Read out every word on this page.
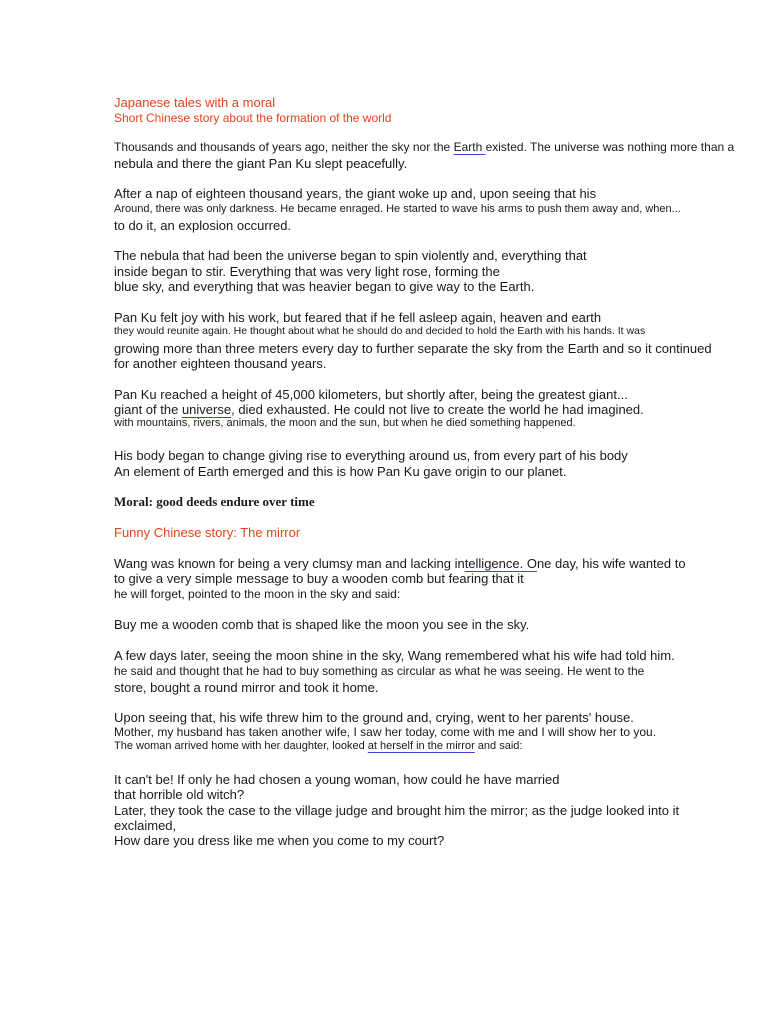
Japanese tales with a moral
Short Chinese story about the formation of the world
Thousands and thousands of years ago, neither the sky nor the Earth existed. The universe was nothing more than a
nebula and there the giant Pan Ku slept peacefully.
After a nap of eighteen thousand years, the giant woke up and, upon seeing that his
Around, there was only darkness. He became enraged. He started to wave his arms to push them away and, when...
to do it, an explosion occurred.
The nebula that had been the universe began to spin violently and, everything that
inside began to stir. Everything that was very light rose, forming the
blue sky, and everything that was heavier began to give way to the Earth.
Pan Ku felt joy with his work, but feared that if he fell asleep again, heaven and earth
they would reunite again. He thought about what he should do and decided to hold the Earth with his hands. It was
growing more than three meters every day to further separate the sky from the Earth and so it continued
for another eighteen thousand years.
Pan Ku reached a height of 45,000 kilometers, but shortly after, being the greatest giant...
giant of the universe, died exhausted. He could not live to create the world he had imagined.
with mountains, rivers, animals, the moon and the sun, but when he died something happened.
His body began to change giving rise to everything around us, from every part of his body
An element of Earth emerged and this is how Pan Ku gave origin to our planet.
Moral: good deeds endure over time
Funny Chinese story: The mirror
Wang was known for being a very clumsy man and lacking intelligence. One day, his wife wanted to
to give a very simple message to buy a wooden comb but fearing that it
he will forget, pointed to the moon in the sky and said:
Buy me a wooden comb that is shaped like the moon you see in the sky.
A few days later, seeing the moon shine in the sky, Wang remembered what his wife had told him.
he said and thought that he had to buy something as circular as what he was seeing. He went to the
store, bought a round mirror and took it home.
Upon seeing that, his wife threw him to the ground and, crying, went to her parents' house.
Mother, my husband has taken another wife, I saw her today, come with me and I will show her to you.
The woman arrived home with her daughter, looked at herself in the mirror and said:
It can't be! If only he had chosen a young woman, how could he have married
that horrible old witch?
Later, they took the case to the village judge and brought him the mirror; as the judge looked into it
exclaimed,
How dare you dress like me when you come to my court?
